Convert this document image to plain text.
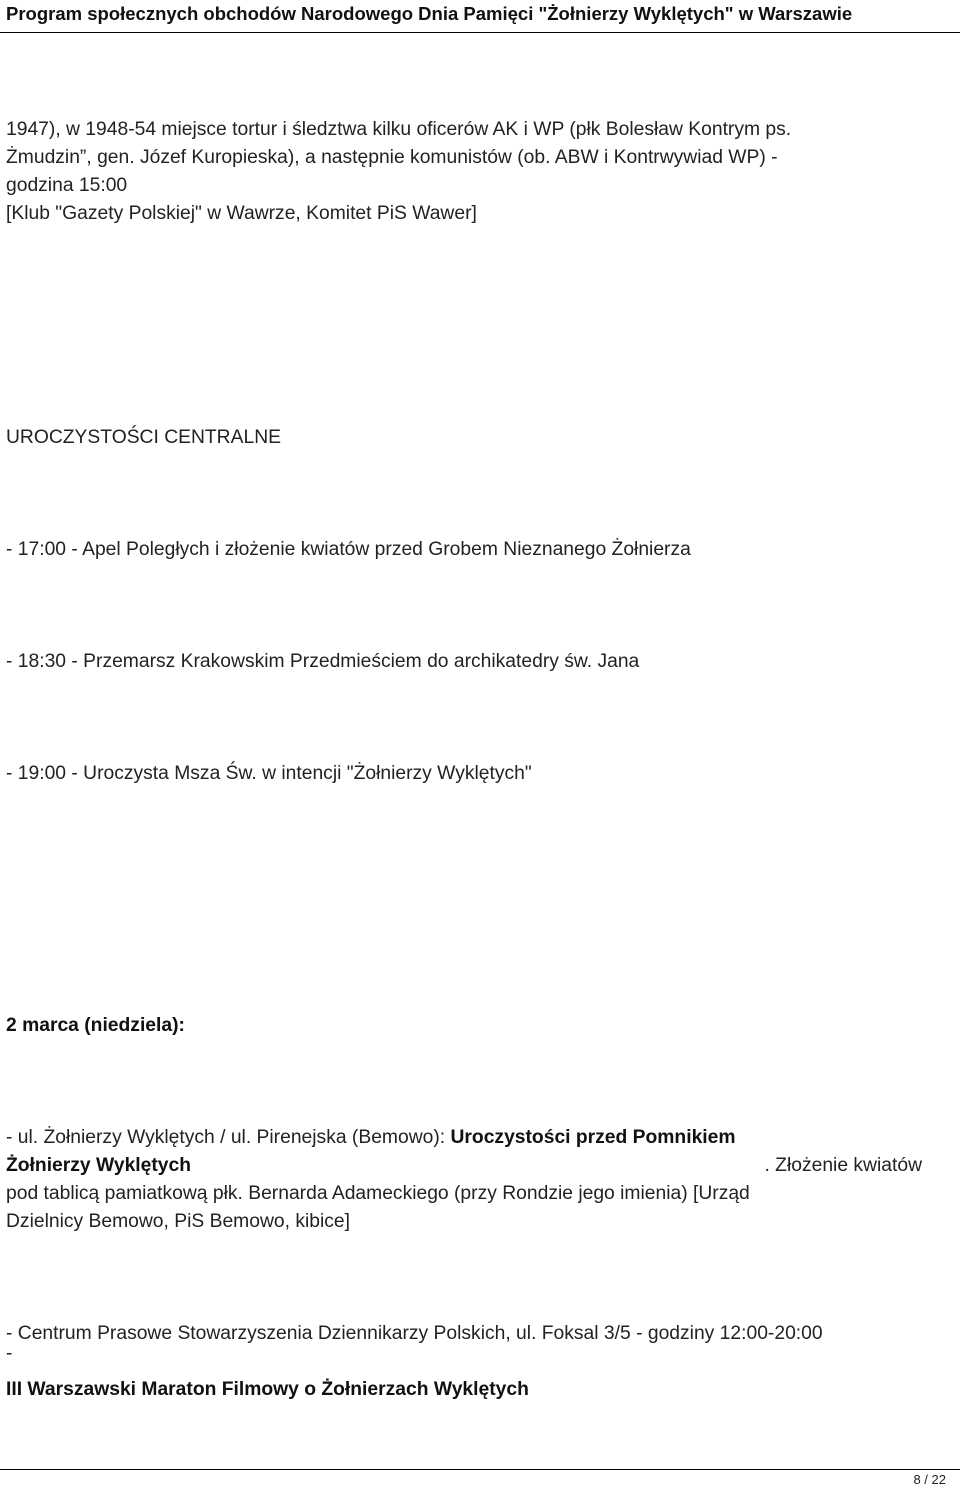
Program społecznych obchodów Narodowego Dnia Pamięci "Żołnierzy Wyklętych" w Warszawie
1947), w 1948-54 miejsce tortur i śledztwa kilku oficerów AK i WP (płk Bolesław Kontrym ps.
Żmudzin”, gen. Józef Kuropieska), a następnie komunistów (ob. ABW i Kontrwywiad WP) -
godzina 15:00
[Klub "Gazety Polskiej" w Wawrze, Komitet PiS Wawer]
UROCZYSTOŚCI CENTRALNE
- 17:00 - Apel Poległych i złożenie kwiatów przed Grobem Nieznanego Żołnierza
- 18:30 - Przemarsz Krakowskim Przedmieściem do archikatedry św. Jana
- 19:00 - Uroczysta Msza Św. w intencji "Żołnierzy Wyklętych"
2 marca (niedziela):
- ul. Żołnierzy Wyklętych / ul. Pirenejska (Bemowo): Uroczystości przed Pomnikiem
Żołnierzy Wyklętych	. Złożenie kwiatów
pod tablicą pamiatkową płk. Bernarda Adameckiego (przy Rondzie jego imienia) [Urząd
Dzielnicy Bemowo, PiS Bemowo, kibice]
- Centrum Prasowe Stowarzyszenia Dziennikarzy Polskich, ul. Foksal 3/5 - godziny 12:00-20:00
-
III Warszawski Maraton Filmowy o Żołnierzach Wyklętych
8 / 22
